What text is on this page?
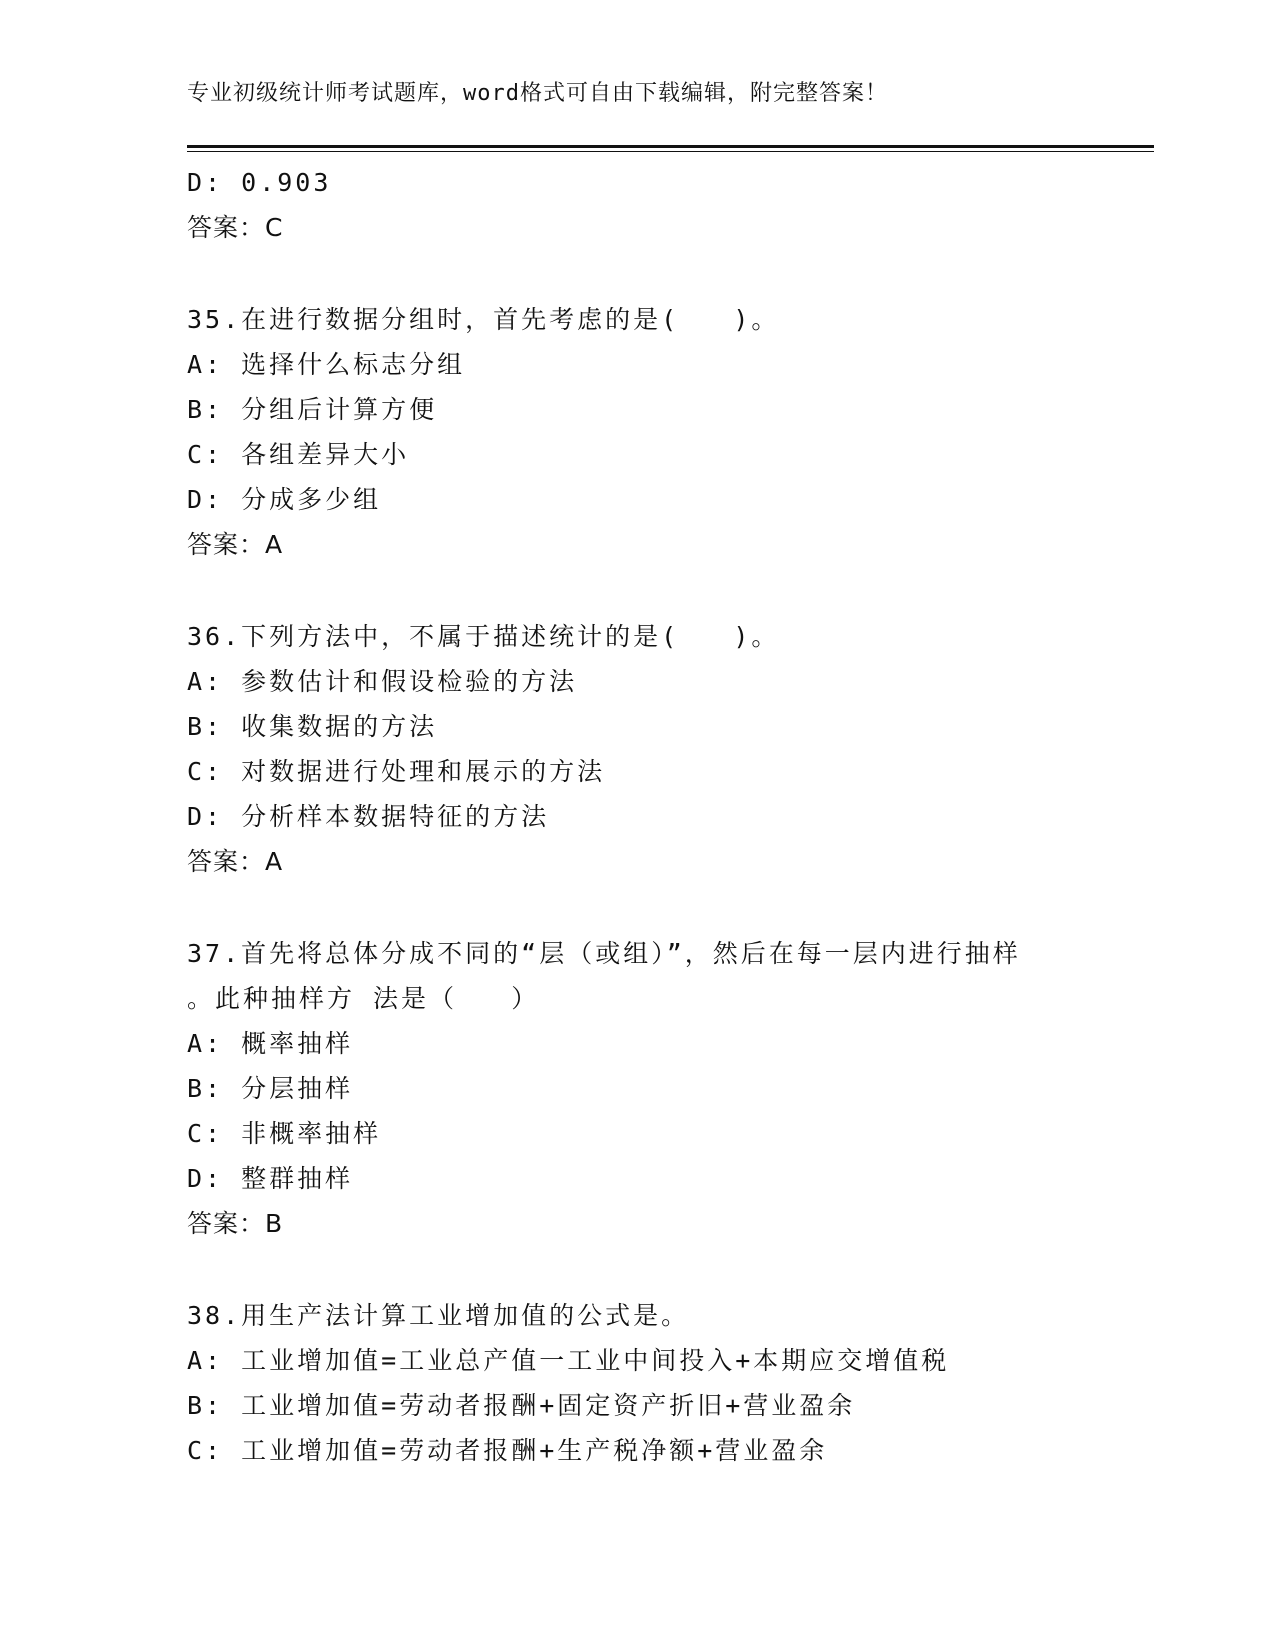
专业初级统计师考试题库，word格式可自由下载编辑，附完整答案！
D: 0.903
答案：C
35.在进行数据分组时，首先考虑的是(   )。
A: 选择什么标志分组
B: 分组后计算方便
C: 各组差异大小
D: 分成多少组
答案：A
36.下列方法中，不属于描述统计的是(   )。
A: 参数估计和假设检验的方法
B: 收集数据的方法
C: 对数据进行处理和展示的方法
D: 分析样本数据特征的方法
答案：A
37.首先将总体分成不同的“层（或组）”，然后在每一层内进行抽样
。此种抽样方 法是（   ）
A: 概率抽样
B: 分层抽样
C: 非概率抽样
D: 整群抽样
答案：B
38.用生产法计算工业增加值的公式是。
A: 工业增加值=工业总产值一工业中间投入+本期应交增值税
B: 工业增加值=劳动者报酬+固定资产折旧+营业盈余
C: 工业增加值=劳动者报酬+生产税净额+营业盈余
